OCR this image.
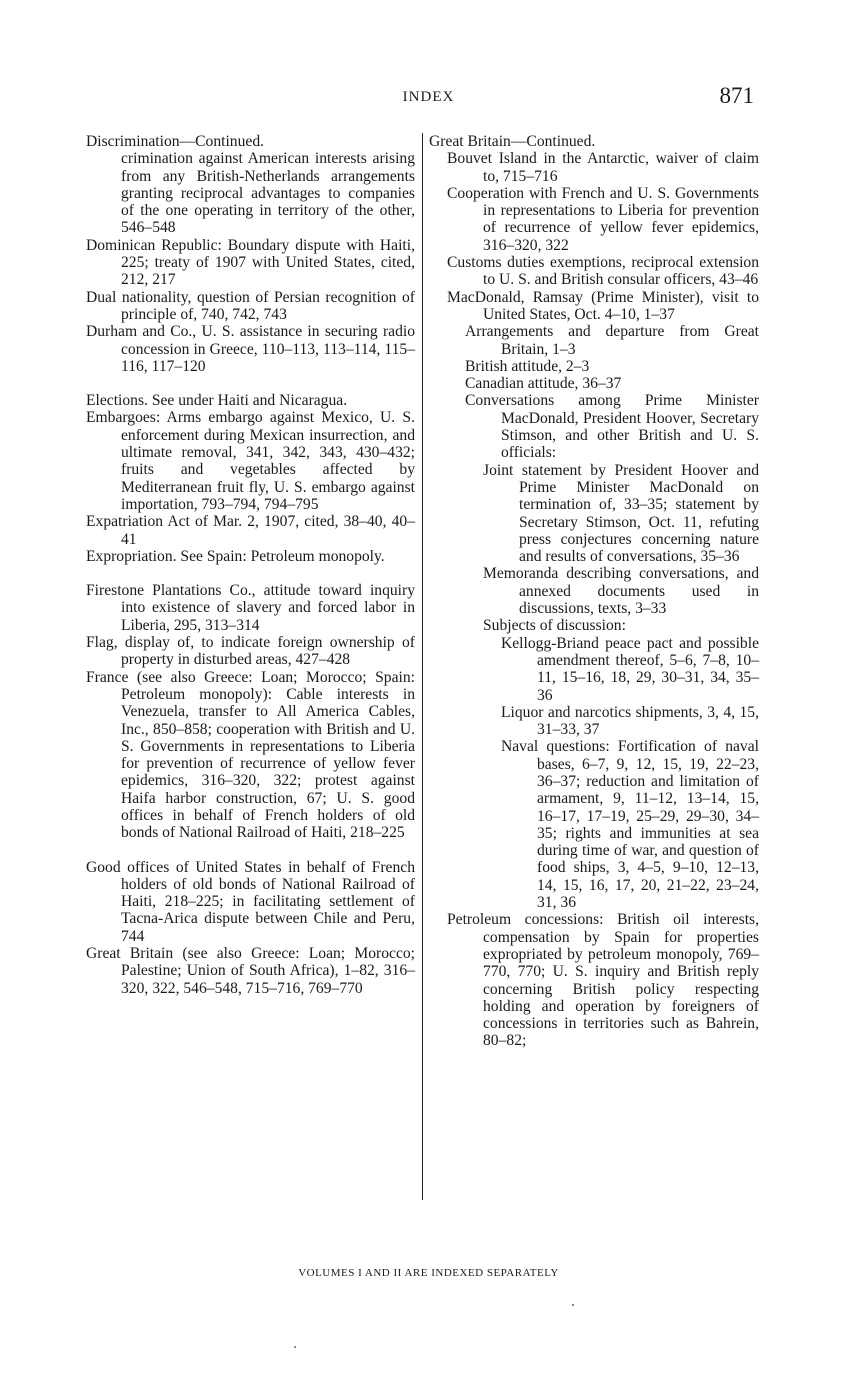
INDEX	871

Discrimination—Continued.

crimination against American interests arising from any British-Netherlands arrangements granting reciprocal advantages to companies of the one operating in territory of the other, 546–548

Dominican Republic: Boundary dispute with Haiti, 225; treaty of 1907 with United States, cited, 212, 217

Dual nationality, question of Persian recognition of principle of, 740, 742, 743

Durham and Co., U. S. assistance in securing radio concession in Greece, 110–113, 113–114, 115–116, 117–120

Elections. See under Haiti and Nicaragua.

Embargoes: Arms embargo against Mexico, U. S. enforcement during Mexican insurrection, and ultimate removal, 341, 342, 343, 430–432; fruits and vegetables affected by Mediterranean fruit fly, U. S. embargo against importation, 793–794, 794–795

Expatriation Act of Mar. 2, 1907, cited, 38–40, 40–41

Expropriation. See Spain: Petroleum monopoly.

Firestone Plantations Co., attitude toward inquiry into existence of slavery and forced labor in Liberia, 295, 313–314

Flag, display of, to indicate foreign ownership of property in disturbed areas, 427–428

France (see also Greece: Loan; Morocco; Spain: Petroleum monopoly): Cable interests in Venezuela, transfer to All America Cables, Inc., 850–858; cooperation with British and U. S. Governments in representations to Liberia for prevention of recurrence of yellow fever epidemics, 316–320, 322; protest against Haifa harbor construction, 67; U. S. good offices in behalf of French holders of old bonds of National Railroad of Haiti, 218–225

Good offices of United States in behalf of French holders of old bonds of National Railroad of Haiti, 218–225; in facilitating settlement of Tacna-Arica dispute between Chile and Peru, 744

Great Britain (see also Greece: Loan; Morocco; Palestine; Union of South Africa), 1–82, 316–320, 322, 546–548, 715–716, 769–770

Great Britain—Continued.

Bouvet Island in the Antarctic, waiver of claim to, 715–716

Cooperation with French and U. S. Governments in representations to Liberia for prevention of recurrence of yellow fever epidemics, 316–320, 322

Customs duties exemptions, reciprocal extension to U. S. and British consular officers, 43–46

MacDonald, Ramsay (Prime Minister), visit to United States, Oct. 4–10, 1–37

Arrangements and departure from Great Britain, 1–3

British attitude, 2–3

Canadian attitude, 36–37

Conversations among Prime Minister MacDonald, President Hoover, Secretary Stimson, and other British and U. S. officials:

Joint statement by President Hoover and Prime Minister MacDonald on termination of, 33–35; statement by Secretary Stimson, Oct. 11, refuting press conjectures concerning nature and results of conversations, 35–36

Memoranda describing conversations, and annexed documents used in discussions, texts, 3–33

Subjects of discussion:

Kellogg-Briand peace pact and possible amendment thereof, 5–6, 7–8, 10–11, 15–16, 18, 29, 30–31, 34, 35–36

Liquor and narcotics shipments, 3, 4, 15, 31–33, 37

Naval questions: Fortification of naval bases, 6–7, 9, 12, 15, 19, 22–23, 36–37; reduction and limitation of armament, 9, 11–12, 13–14, 15, 16–17, 17–19, 25–29, 29–30, 34–35; rights and immunities at sea during time of war, and question of food ships, 3, 4–5, 9–10, 12–13, 14, 15, 16, 17, 20, 21–22, 23–24, 31, 36

Petroleum concessions: British oil interests, compensation by Spain for properties expropriated by petroleum monopoly, 769–770, 770; U. S. inquiry and British reply concerning British policy respecting holding and operation by foreigners of concessions in territories such as Bahrein, 80–82;

VOLUMES I AND II ARE INDEXED SEPARATELY
